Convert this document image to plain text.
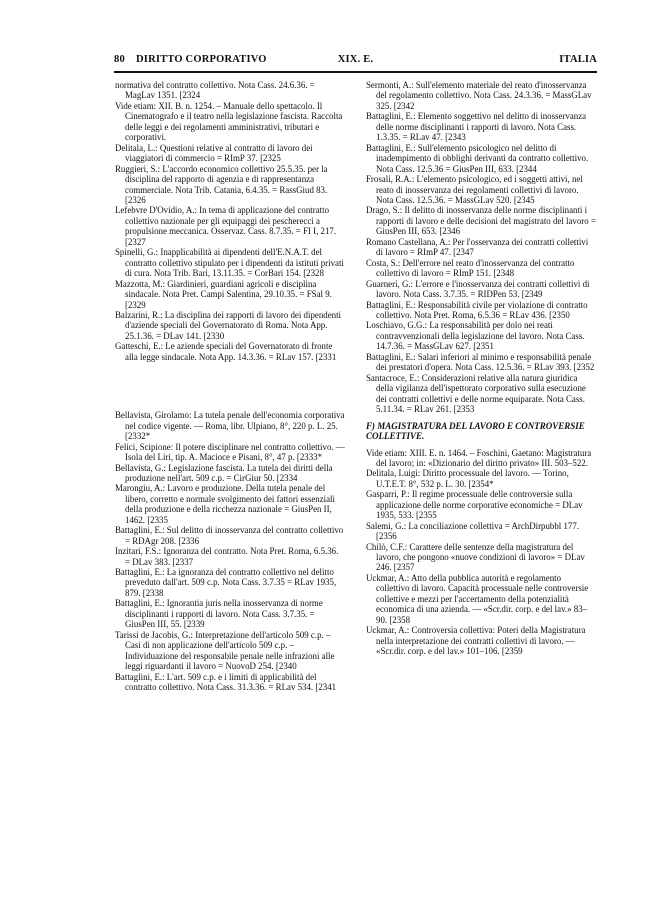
80 DIRITTO CORPORATIVO	XIX. E.	ITALIA
normativa del contratto collettivo. Nota Cass. 24.6.36. = MagLav 1351. [2324
Vide etiam: XII. B. n. 1254. – Manuale dello spettacolo. Il Cinematografo e il teatro nella legislazione fascista. Raccolta delle leggi e dei regolamenti amministrativi, tributari e corporativi.
Delitala, L.: Questioni relative al contratto di lavoro dei viaggiatori di commercio = RImP 37. [2325
Ruggieri, S.: L'accordo economico collettivo 25.5.35. per la disciplina del rapporto di agenzia e di rappresentanza commerciale. Nota Trib. Catania, 6.4.35. = RassGiud 83. [2326
Lefebvre D'Ovidio, A.: In tema di applicazione del contratto collettivo nazionale per gli equipaggi dei pescherecci a propulsione meccanica. Osservaz. Cass. 8.7.35. = FI I, 217. [2327
Spinelli, G.: Inapplicabilità ai dipendenti dell'E.N.A.T. del contratto collettivo stipulato per i dipendenti da istituti privati di cura. Nota Trib. Bari, 13.11.35. = CorBari 154. [2328
Mazzotta, M.: Giardinieri, guardiani agricoli e disciplina sindacale. Nota Pret. Campi Salentina, 29.10.35. = FSal 9. [2329
Balzarini, R.: La disciplina dei rapporti di lavoro dei dipendenti d'aziende speciali del Governatorato di Roma. Nota App. 25.1.36. = DLav 141. [2330
Gatteschi, E.: Le aziende speciali del Governatorato di fronte alla legge sindacale. Nota App. 14.3.36. = RLav 157. [2331
Bellavista, Girolamo: La tutela penale dell'economia corporativa nel codice vigente. — Roma, libr. Ulpiano, 8°, 220 p. L. 25. [2332*
Felici, Scipione: Il potere disciplinare nel contratto collettivo. — Isola del Liri, tip. A. Macioce e Pisani, 8°, 47 p. [2333*
Bellavista, G.: Legislazione fascista. La tutela dei diritti della produzione nell'art. 509 c.p. = CirGiur 50. [2334
Marongiu, A.: Lavoro e produzione. Della tutela penale del libero, corretto e normale svolgimento dei fattori essenziali della produzione e della ricchezza nazionale = GiusPen II, 1462. [2335
Battaglini, E.: Sul delitto di inosservanza del contratto collettivo = RDAgr 208. [2336
Inzitari, F.S.: Ignoranza del contratto. Nota Pret. Roma, 6.5.36. = DLav 383. [2337
Battaglini, E.: La ignoranza del contratto collettivo nel delitto preveduto dall'art. 509 c.p. Nota Cass. 3.7.35 = RLav 1935, 879. [2338
Battaglini, E.: Ignorantia juris nella inosservanza di norme disciplinanti i rapporti di lavoro. Nota Cass. 3.7.35. = GiusPen III, 55. [2339
Tarissi de Jacobis, G.: Interpretazione dell'articolo 509 c.p. – Casi di non applicazione dell'articolo 509 c.p. – Individuazione del responsabile penale nelle infrazioni alle leggi riguardanti il lavoro = NuovoD 254. [2340
Battaglini, E.: L'art. 509 c.p. e i limiti di applicabilità del contratto collettivo. Nota Cass. 31.3.36. = RLav 534. [2341
Sermonti, A.: Sull'elemento materiale del reato d'inosservanza del regolamento collettivo. Nota Cass. 24.3.36. = MassGLav 325. [2342
Battaglini, E.: Elemento soggettivo nel delitto di inosservanza delle norme disciplinanti i rapporti di lavoro. Nota Cass. 1.3.35. = RLav 47. [2343
Battaglini, E.: Sull'elemento psicologico nel delitto di inadempimento di obblighi derivanti da contratto collettivo. Nota Cass. 12.5.36 = GiusPen III, 633. [2344
Frosali, R.A.: L'elemento psicologico, ed i soggetti attivi, nel reato di inosservanza dei regolamenti collettivi di lavoro. Nota Cass. 12.5.36. = MassGLav 520. [2345
Drago, S.: Il delitto di inosservanza delle norme disciplinanti i rapporti di lavoro e delle decisioni del magistrato del lavoro = GiusPen III, 653. [2346
Romano Castellana, A.: Per l'osservanza dei contratti collettivi di lavoro = RImP 47. [2347
Costa, S.: Dell'errore nel reato d'inosservanza del contratto collettivo di lavoro = RImP 151. [2348
Guarneri, G.: L'errore e l'inosservanza dei contratti collettivi di lavoro. Nota Cass. 3.7.35. = RIDPen 53. [2349
Battaglini, E.: Responsabilità civile per violazione di contratto collettivo. Nota Pret. Roma, 6.5.36 = RLav 436. [2350
Loschiavo, G.G.: La responsabilità per dolo nei reati contravvenzionali della legislazione del lavoro. Nota Cass. 14.7.36. = MassGLav 627. [2351
Battaglini, E.: Salari inferiori al minimo e responsabilità penale dei prestatori d'opera. Nota Cass. 12.5.36. = RLav 393. [2352
Santacroce, E.: Considerazioni relative alla natura giuridica della vigilanza dell'ispettorato corporativo sulla esecuzione dei contratti collettivi e delle norme equiparate. Nota Cass. 5.11.34. = RLav 261. [2353
F) MAGISTRATURA DEL LAVORO E CONTROVERSIE COLLETTIVE.
Vide etiam: XIII. E. n. 1464. – Foschini, Gaetano: Magistratura del lavoro; in: «Dizionario del diritto privato» III. 503–522.
Delitala, Luigi: Diritto processuale del lavoro. — Torino, U.T.E.T. 8°, 532 p. L. 30. [2354*
Gasparri, P.: Il regime processuale delle controversie sulla applicazione delle norme corporative economiche = DLav 1935, 533. [2355
Salemi, G.: La conciliazione collettiva = ArchDirpubbl 177. [2356
Chilò, C.F.: Carattere delle sentenze della magistratura del lavoro, che pongono «nuove condizioni di lavoro» = DLav 246. [2357
Uckmar, A.: Atto della pubblica autorità e regolamento collettivo di lavoro. Capacità processuale nelle controversie collettive e mezzi per l'accertamento della potenzialità economica di una azienda. — «Scr.dir. corp. e del lav.» 83–90. [2358
Uckmar, A.: Controversia collettiva: Poteri della Magistratura nella interpretazione dei contratti collettivi di lavoro. — «Scr.dir. corp. e del lav.» 101–106. [2359
